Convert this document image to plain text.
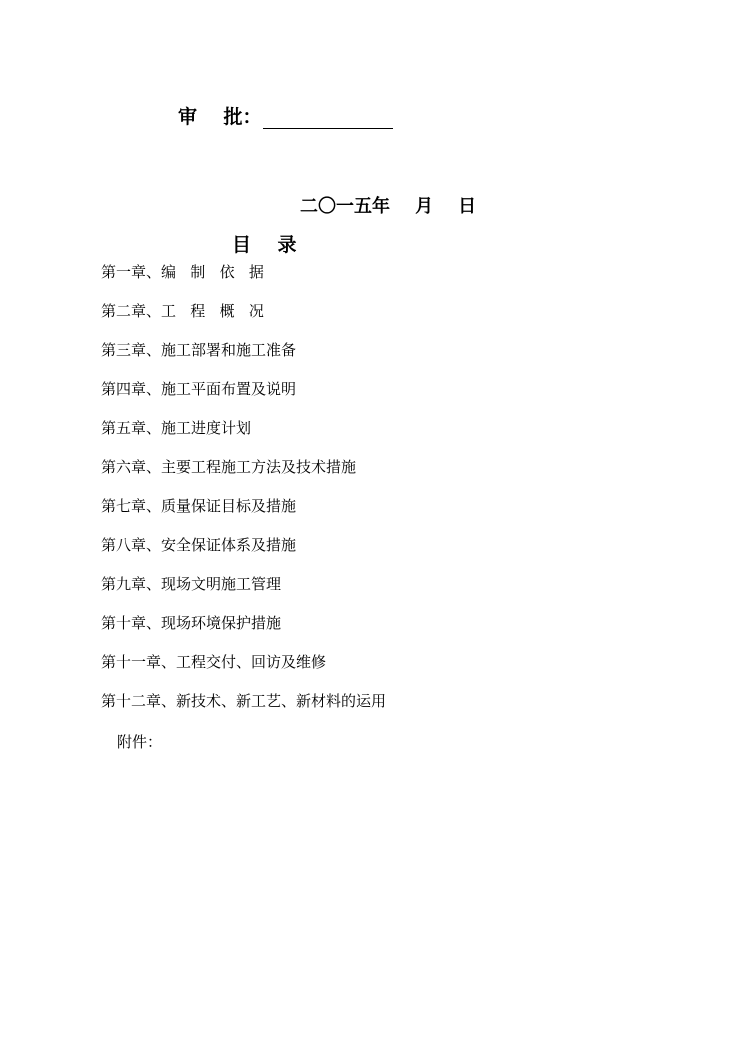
审    批：
二〇一五年    月    日
目    录
第一章、编   制   依   据
第二章、工   程   概   况
第三章、施工部署和施工准备
第四章、施工平面布置及说明
第五章、施工进度计划
第六章、主要工程施工方法及技术措施
第七章、质量保证目标及措施
第八章、安全保证体系及措施
第九章、现场文明施工管理
第十章、现场环境保护措施
第十一章、工程交付、回访及维修
第十二章、新技术、新工艺、新材料的运用
附件：
